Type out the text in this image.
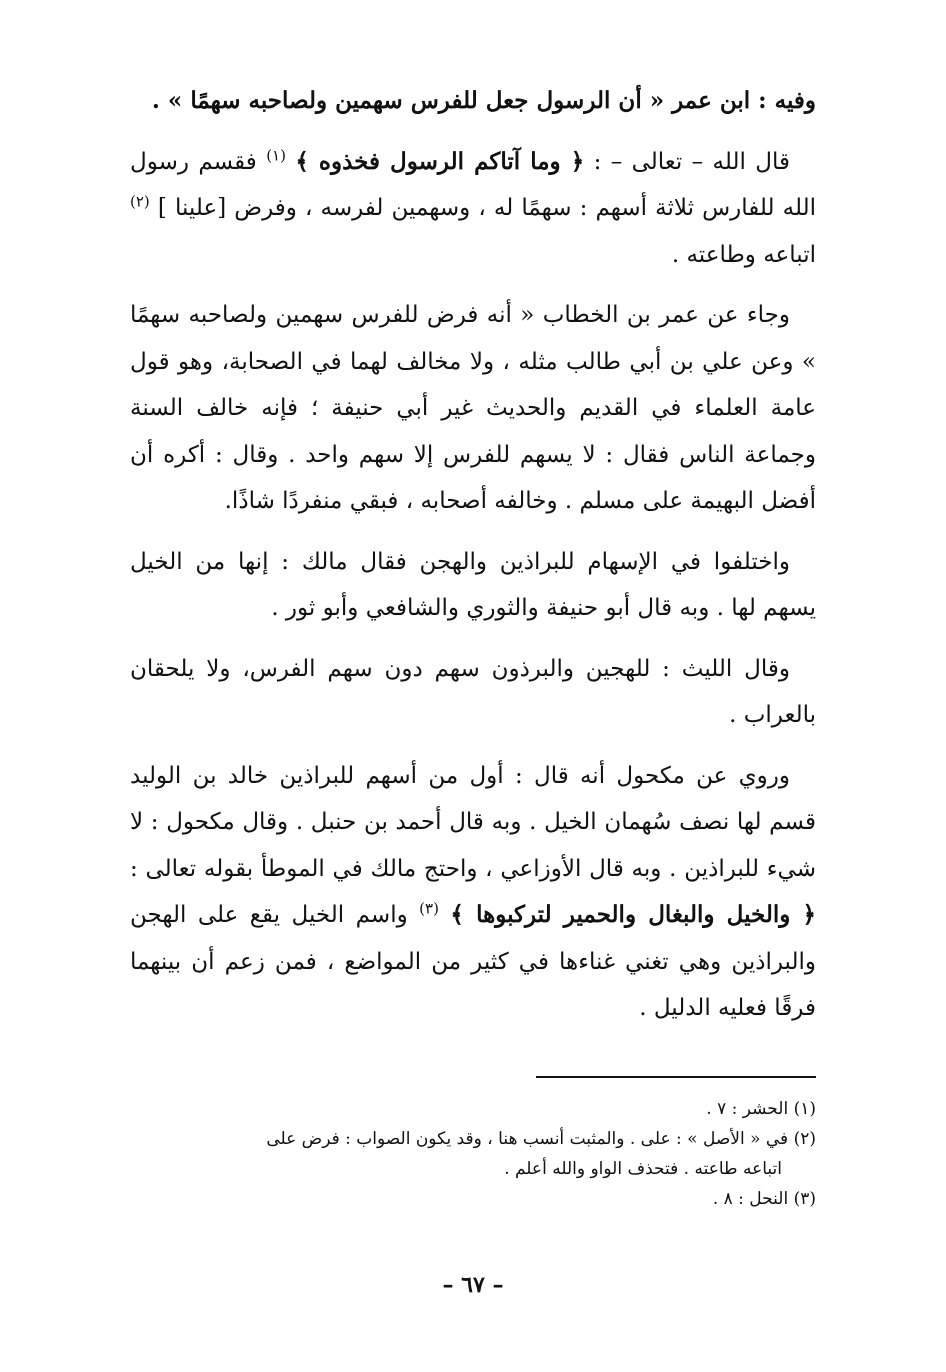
وفيه : ابن عمر « أن الرسول جعل للفرس سهمين ولصاحبه سهمًا » .

قال الله – تعالى – : ﴿ وما آتاكم الرسول فخذوه ﴾ $^{(١)}$ فقسم رسول الله للفارس ثلاثة أسهم : سهمًا له ، وسهمين لفرسه ، وفرض [علينا ] $^{(٢)}$ اتباعه وطاعته .

وجاء عن عمر بن الخطاب « أنه فرض للفرس سهمين ولصاحبه سهمًا » وعن علي بن أبي طالب مثله ، ولا مخالف لهما في الصحابة، وهو قول عامة العلماء في القديم والحديث غير أبي حنيفة ؛ فإنه خالف السنة وجماعة الناس فقال : لا يسهم للفرس إلا سهم واحد . وقال : أكره أن أفضل البهيمة على مسلم . وخالفه أصحابه ، فبقي منفردًا شاذًا.

واختلفوا في الإسهام للبراذين والهجن فقال مالك : إنها من الخيل يسهم لها . وبه قال أبو حنيفة والثوري والشافعي وأبو ثور .

وقال الليث : للهجين والبرذون سهم دون سهم الفرس، ولا يلحقان بالعراب .

وروي عن مكحول أنه قال : أول من أسهم للبراذين خالد بن الوليد قسم لها نصف سُهمان الخيل . وبه قال أحمد بن حنبل . وقال مكحول : لا شيء للبراذين . وبه قال الأوزاعي ، واحتج مالك في الموطأ بقوله تعالى : ﴿ والخيل والبغال والحمير لتركبوها ﴾ $^{(٣)}$ واسم الخيل يقع على الهجن والبراذين وهي تغني غناءها في كثير من المواضع ، فمن زعم أن بينهما فرقًا فعليه الدليل .

(١) الحشر : ٧ .

(٢) في « الأصل » : على . والمثبت أنسب هنا ، وقد يكون الصواب : فرض على

اتباعه طاعته . فتحذف الواو والله أعلم .

(٣) النحل : ٨ .

– ٦٧ –
